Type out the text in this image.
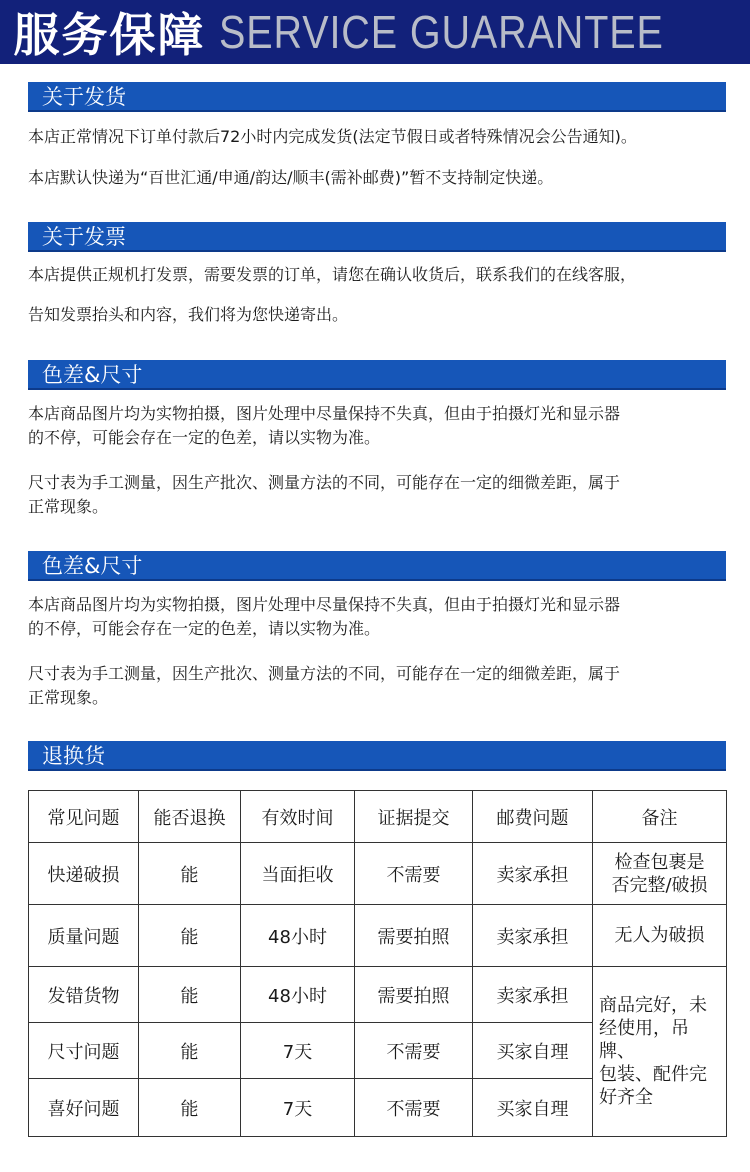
服务保障 SERVICE GUARANTEE
关于发货
本店正常情况下订单付款后72小时内完成发货(法定节假日或者特殊情况会公告通知)。
本店默认快递为“百世汇通/申通/韵达/顺丰(需补邮费)”暂不支持制定快递。
关于发票
本店提供正规机打发票，需要发票的订单，请您在确认收货后，联系我们的在线客服，
告知发票抬头和内容，我们将为您快递寄出。
色差&尺寸
本店商品图片均为实物拍摄，图片处理中尽量保持不失真，但由于拍摄灯光和显示器
的不停，可能会存在一定的色差，请以实物为准。
尺寸表为手工测量，因生产批次、测量方法的不同，可能存在一定的细微差距，属于
正常现象。
色差&尺寸
本店商品图片均为实物拍摄，图片处理中尽量保持不失真，但由于拍摄灯光和显示器
的不停，可能会存在一定的色差，请以实物为准。
尺寸表为手工测量，因生产批次、测量方法的不同，可能存在一定的细微差距，属于
正常现象。
退换货
常见问题	能否退换	有效时间	证据提交	邮费问题	备注
快递破损	能	当面拒收	不需要	卖家承担	检查包裹是
否完整/破损

质量问题	能	48小时	需要拍照	卖家承担	无人为破损
发错货物	能	48小时	需要拍照	卖家承担	商品完好，未
经使用，吊牌、
包装、配件完
好齐全

尺寸问题	能	7天	不需要	买家自理	
喜好问题	能	7天	不需要	买家自理	
